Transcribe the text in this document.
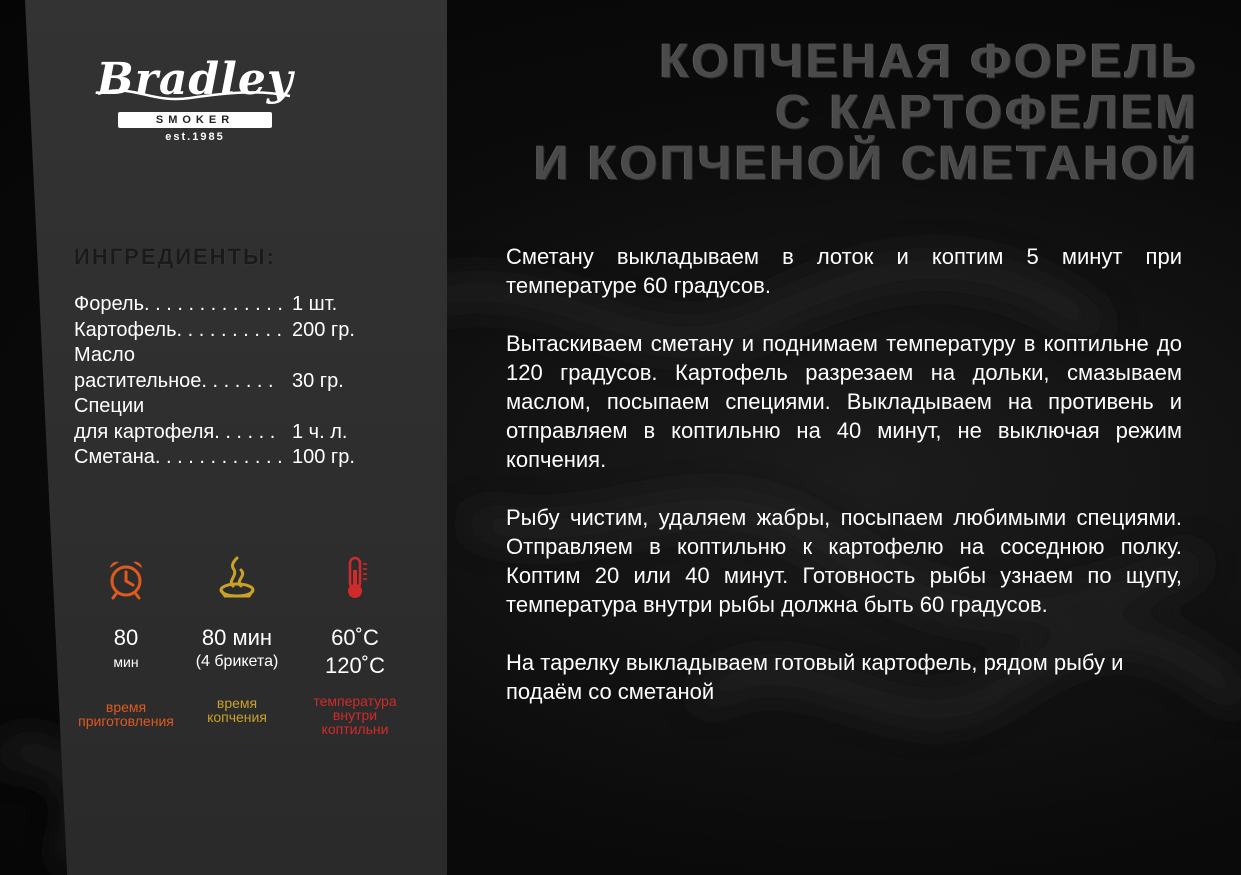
Bradley
SMOKER
est.1985
ИНГРЕДИЕНТЫ:
Форель . . . . . . . . . . . . . 1 шт.
Картофель . . . . . . . . . . 200 гр.
Масло
растительное . . . . . . . 30 гр.
Специи
для картофеля . . . . . . 1 ч. л.
Сметана . . . . . . . . . . . . 100 гр.
80
мин
время
приготовления
80 мин
(4 брикета)
время
копчения
60˚C
120˚C
температура
внутри
коптильни
КОПЧЕНАЯ ФОРЕЛЬ
С КАРТОФЕЛЕМ
И КОПЧЕНОЙ СМЕТАНОЙ

Сметану выкладываем в лоток и коптим 5 минут при температуре 60 градусов.

Вытаскиваем сметану и поднимаем температуру в коптильне до 120 градусов. Картофель разрезаем на дольки, смазываем маслом, посыпаем специями. Выкладываем на противень и отправляем в коптильню на 40 минут, не выключая режим копчения.

Рыбу чистим, удаляем жабры, посыпаем любимыми специями. Отправляем в коптильню к картофелю на соседнюю полку. Коптим 20 или 40 минут. Готовность рыбы узнаем по щупу, температура внутри рыбы должна быть 60 градусов.

На тарелку выкладываем готовый картофель, рядом рыбу и подаём со сметаной
